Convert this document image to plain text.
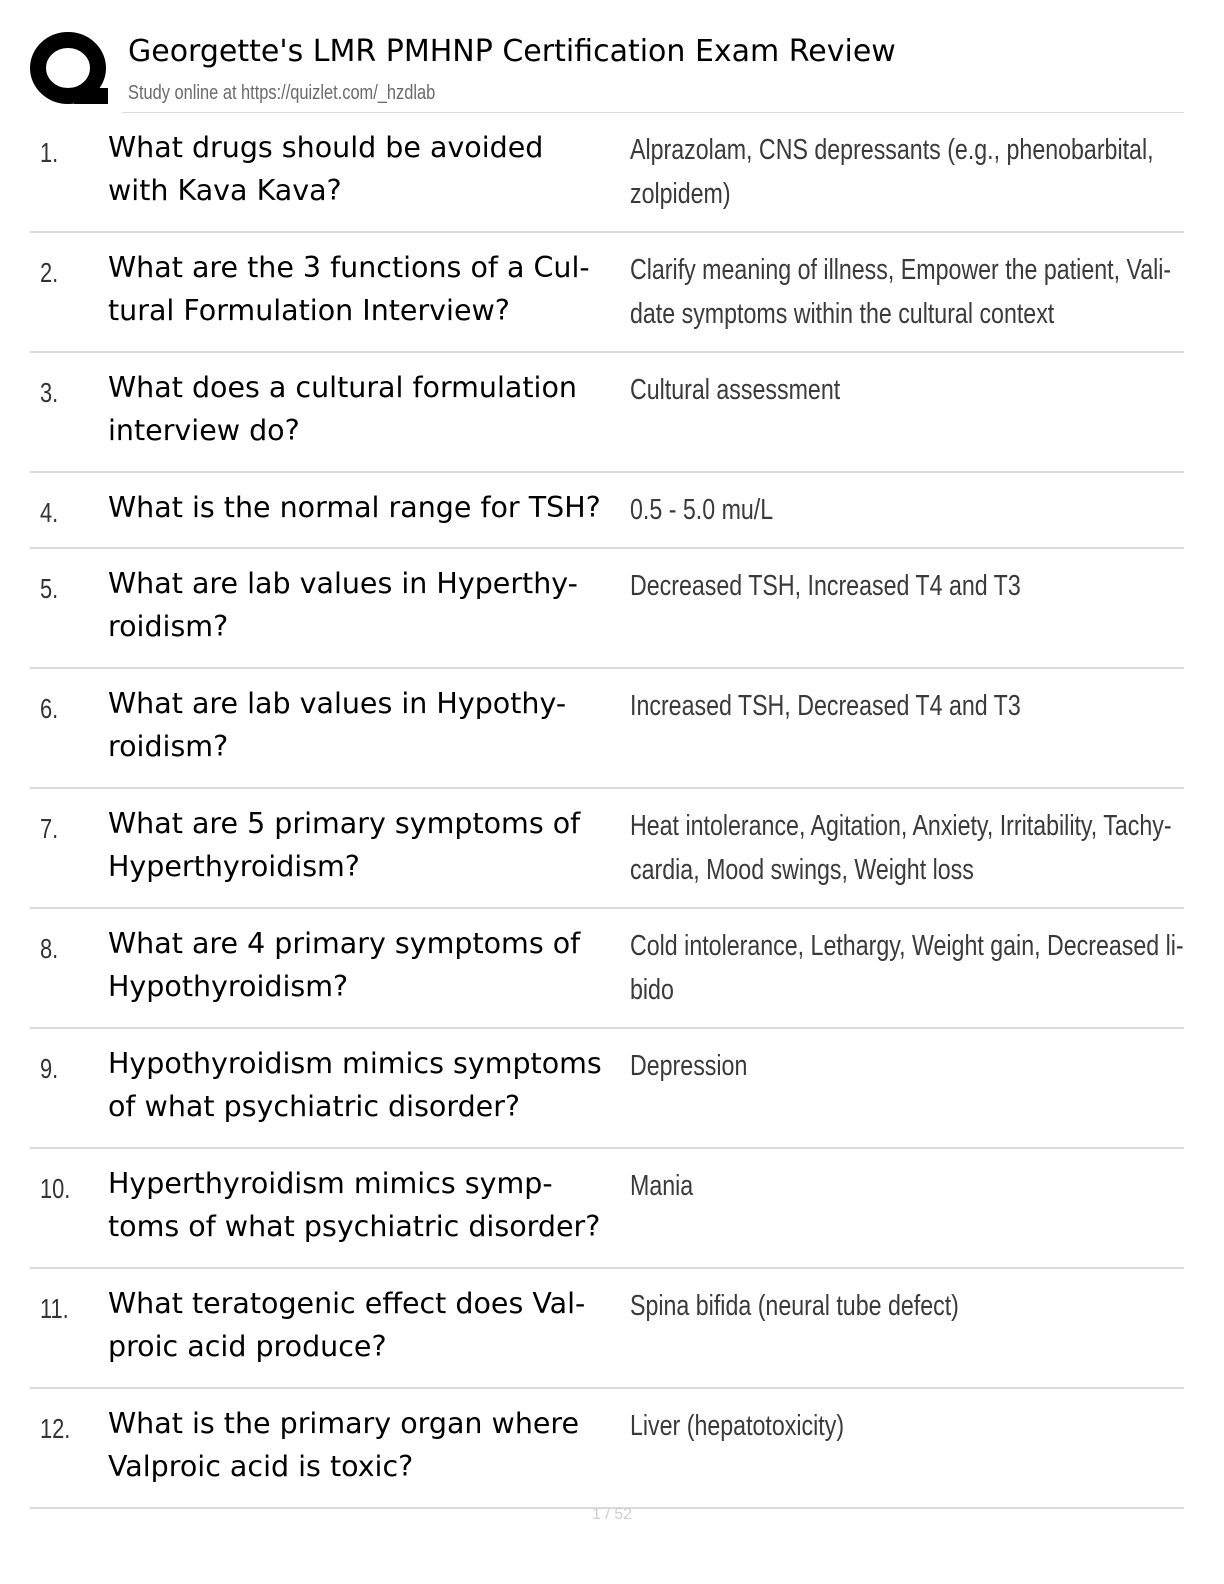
Georgette's LMR PMHNP Certification Exam Review
Study online at https://quizlet.com/_hzdlab
1. What drugs should be avoided
with Kava Kava?
Alprazolam, CNS depressants (e.g., phenobarbital,
zolpidem)
2. What are the 3 functions of a Cul-
tural Formulation Interview?
Clarify meaning of illness, Empower the patient, Vali-
date symptoms within the cultural context
3. What does a cultural formulation
interview do?
Cultural assessment
4. What is the normal range for TSH?	0.5 - 5.0 mu/L
5. What are lab values in Hyperthy-
roidism?
Decreased TSH, Increased T4 and T3
6. What are lab values in Hypothy-
roidism?
Increased TSH, Decreased T4 and T3
7. What are 5 primary symptoms of
Hyperthyroidism?
Heat intolerance, Agitation, Anxiety, Irritability, Tachy-
cardia, Mood swings, Weight loss
8. What are 4 primary symptoms of
Hypothyroidism?
Cold intolerance, Lethargy, Weight gain, Decreased li-
bido
9. Hypothyroidism mimics symptoms
of what psychiatric disorder?
Depression
10. Hyperthyroidism mimics symp-
toms of what psychiatric disorder?
Mania
11. What teratogenic effect does Val-
proic acid produce?
Spina bifida (neural tube defect)
12. What is the primary organ where
Valproic acid is toxic?
Liver (hepatotoxicity)
1 / 52
